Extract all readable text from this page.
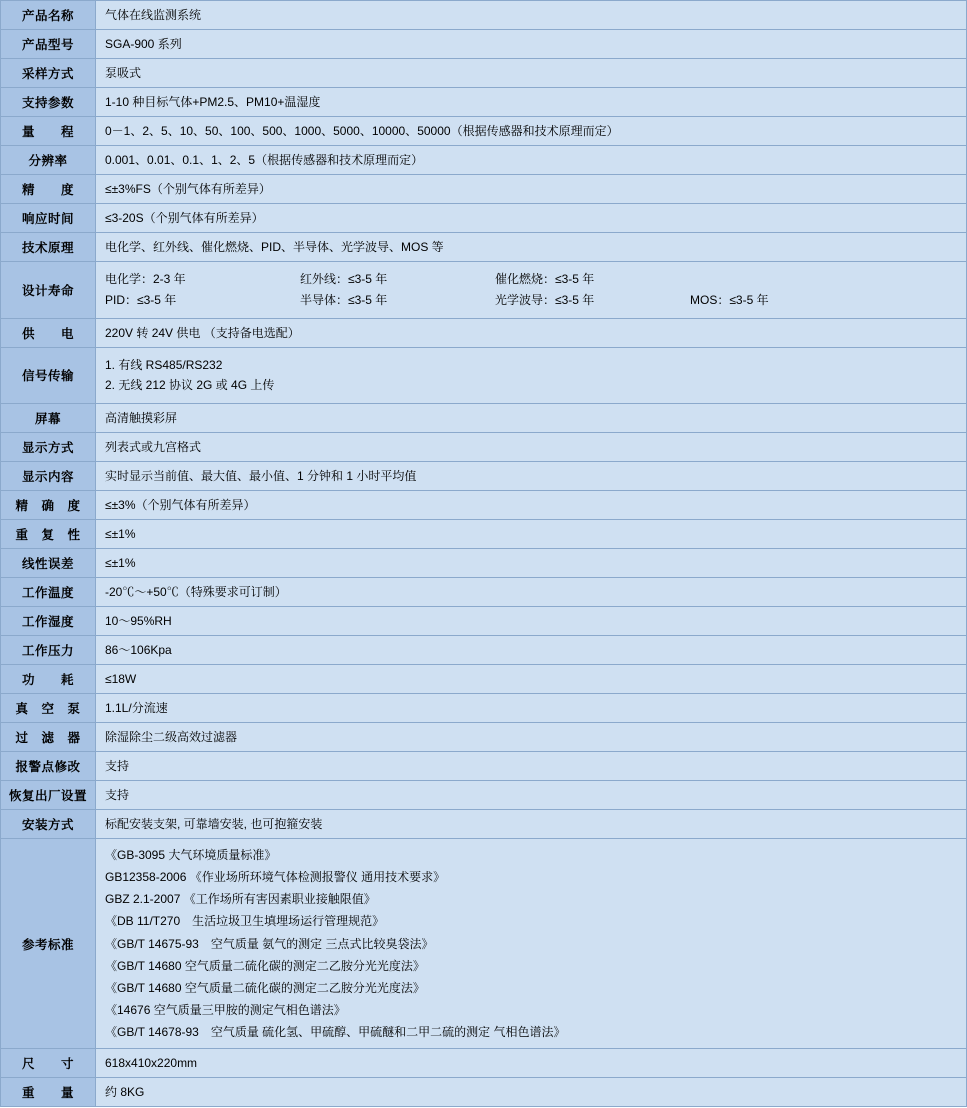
产品名称	气体在线监测系统
产品型号	SGA-900 系列
采样方式	泵吸式
支持参数	1-10 种目标气体+PM2.5、PM10+温湿度
量　　程	0－1、2、5、10、50、100、500、1000、5000、10000、50000（根据传感器和技术原理而定）
分辨率	0.001、0.01、0.1、1、2、5（根据传感器和技术原理而定）
精　　度	≤±3%FS（个别气体有所差异）
响应时间	≤3-20S（个别气体有所差异）
技术原理	电化学、红外线、催化燃烧、PID、半导体、光学波导、MOS 等
设计寿命	
电化学：2-3 年	红外线：≤3-5 年	催化燃烧：≤3-5 年
PID：≤3-5 年	半导体：≤3-5 年	光学波导：≤3-5 年	MOS：≤3-5 年

供　　电	220V 转 24V 供电 （支持备电选配）
信号传输	1. 有线 RS485/RS232
2. 无线 212 协议 2G 或 4G 上传

屏幕	高清触摸彩屏
显示方式	列表式或九宫格式
显示内容	实时显示当前值、最大值、最小值、1 分钟和 1 小时平均值
精　确　度	≤±3%（个别气体有所差异）
重　复　性	≤±1%
线性误差	≤±1%
工作温度	-20℃～+50℃（特殊要求可订制）
工作湿度	10～95%RH
工作压力	86～106Kpa
功　　耗	≤18W
真　空　泵	1.1L/分流速
过　滤　器	除湿除尘二级高效过滤器
报警点修改	支持
恢复出厂设置	支持
安装方式	标配安装支架, 可靠墙安装, 也可抱箍安装
参考标准	
《GB-3095 大气环境质量标准》
GB12358-2006 《作业场所环境气体检测报警仪 通用技术要求》
GBZ 2.1-2007 《工作场所有害因素职业接触限值》
《DB 11/T270　生活垃圾卫生填埋场运行管理规范》
《GB/T 14675-93　空气质量 氨气的测定 三点式比较臭袋法》
《GB/T 14680 空气质量二硫化碳的测定二乙胺分光光度法》
《GB/T 14680 空气质量二硫化碳的测定二乙胺分光光度法》
《14676 空气质量三甲胺的测定气相色谱法》
《GB/T 14678-93　空气质量 硫化氢、甲硫醇、甲硫醚和二甲二硫的测定 气相色谱法》

尺　　寸	618x410x220mm
重　　量	约 8KG
